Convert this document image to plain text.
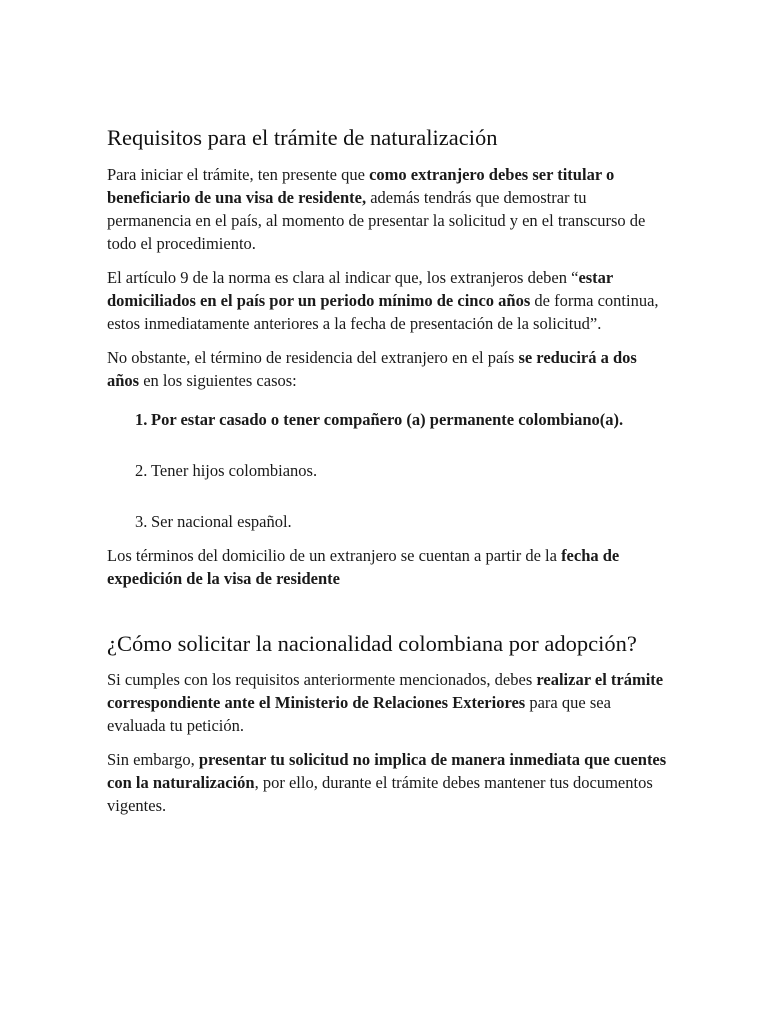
Requisitos para el trámite de naturalización

Para iniciar el trámite, ten presente que como extranjero debes ser titular o beneficiario de una visa de residente, además tendrás que demostrar tu permanencia en el país, al momento de presentar la solicitud y en el transcurso de todo el procedimiento.

El artículo 9 de la norma es clara al indicar que, los extranjeros deben “estar domiciliados en el país por un periodo mínimo de cinco años de forma continua, estos inmediatamente anteriores a la fecha de presentación de la solicitud”.

No obstante, el término de residencia del extranjero en el país se reducirá a dos años en los siguientes casos:

1. Por estar casado o tener compañero (a) permanente colombiano(a).
2. Tener hijos colombianos.
3. Ser nacional español.

Los términos del domicilio de un extranjero se cuentan a partir de la fecha de expedición de la visa de residente

¿Cómo solicitar la nacionalidad colombiana por adopción?

Si cumples con los requisitos anteriormente mencionados, debes realizar el trámite correspondiente ante el Ministerio de Relaciones Exteriores para que sea evaluada tu petición.

Sin embargo, presentar tu solicitud no implica de manera inmediata que cuentes con la naturalización, por ello, durante el trámite debes mantener tus documentos vigentes.
